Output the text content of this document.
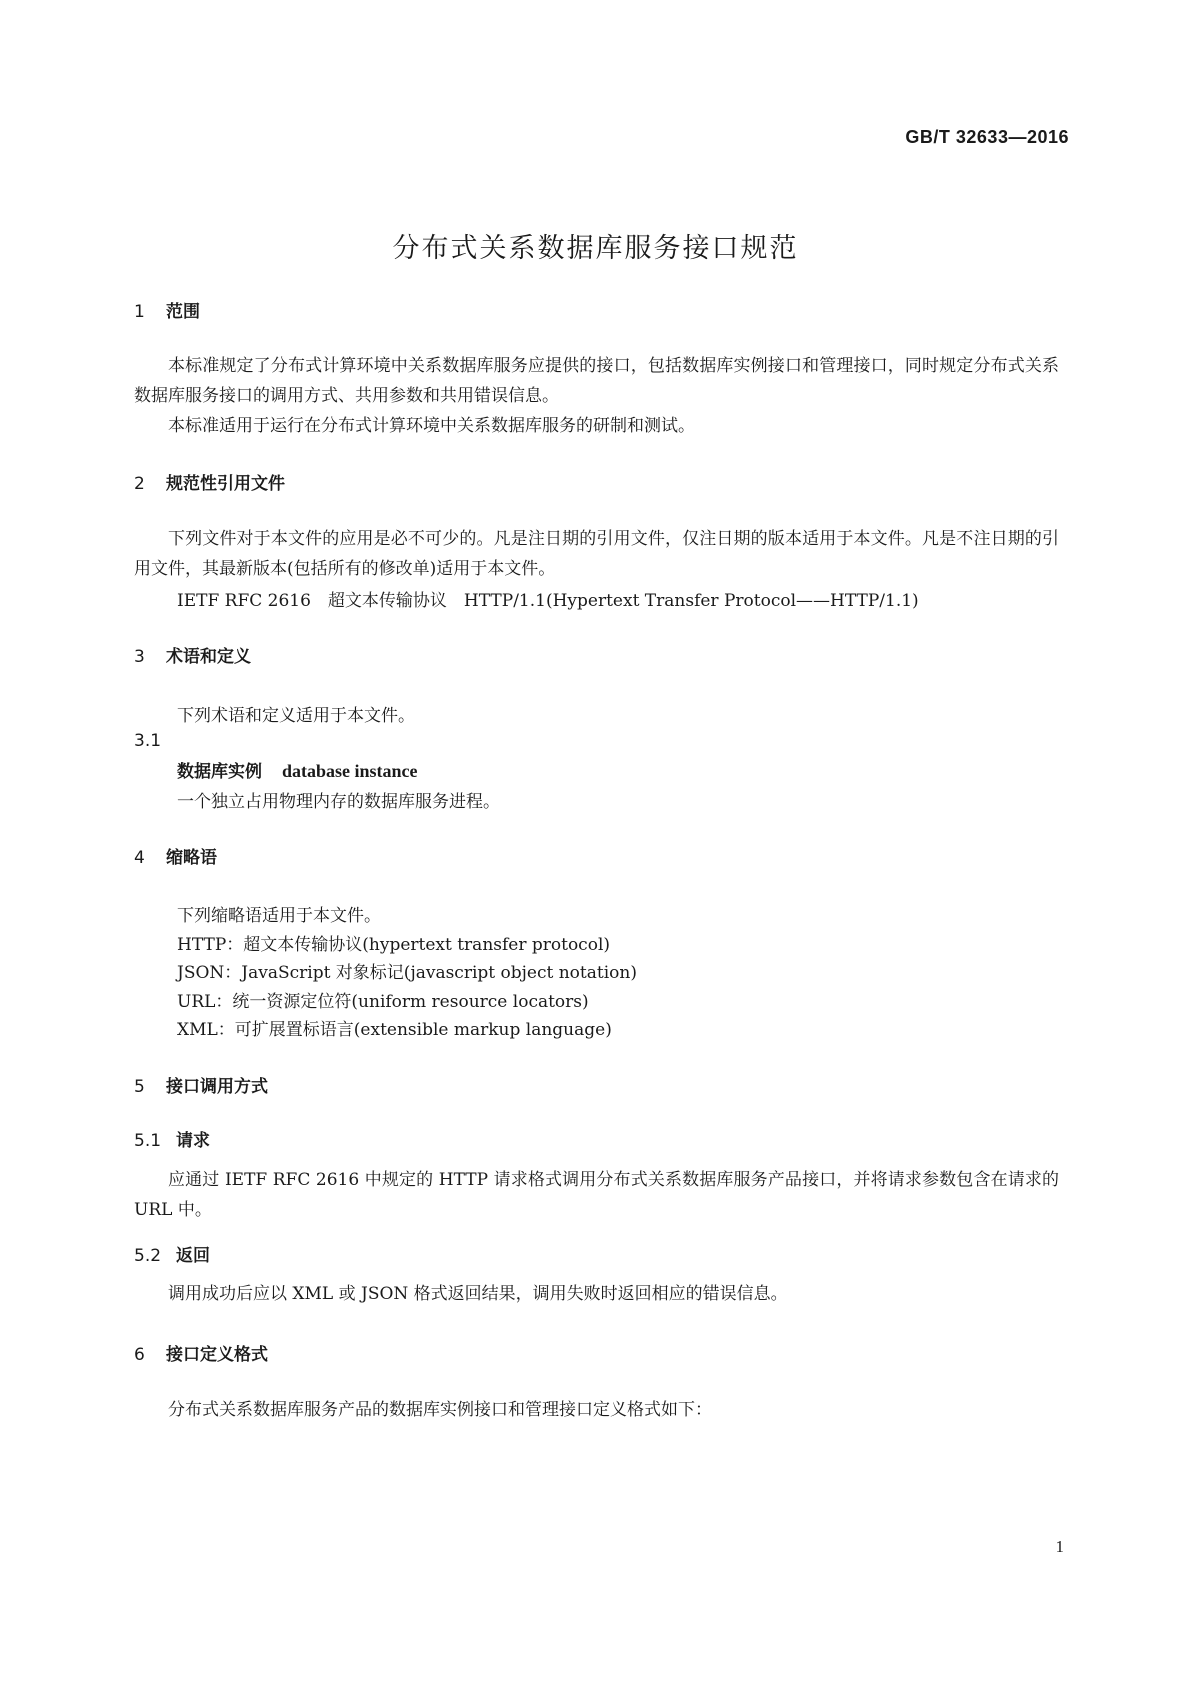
GB/T 32633—2016
分布式关系数据库服务接口规范
1 范围

本标准规定了分布式计算环境中关系数据库服务应提供的接口，包括数据库实例接口和管理接口，同时规定分布式关系数据库服务接口的调用方式、共用参数和共用错误信息。

本标准适用于运行在分布式计算环境中关系数据库服务的研制和测试。

2 规范性引用文件

下列文件对于本文件的应用是必不可少的。凡是注日期的引用文件，仅注日期的版本适用于本文件。凡是不注日期的引用文件，其最新版本(包括所有的修改单)适用于本文件。

IETF RFC 2616　超文本传输协议　HTTP/1.1(Hypertext Transfer Protocol——HTTP/1.1)
3 术语和定义
下列术语和定义适用于本文件。
3.1
数据库实例 database instance
一个独立占用物理内存的数据库服务进程。
4 缩略语
下列缩略语适用于本文件。
HTTP：超文本传输协议(hypertext transfer protocol)
JSON：JavaScript 对象标记(javascript object notation)
URL：统一资源定位符(uniform resource locators)
XML：可扩展置标语言(extensible markup language)
5 接口调用方式
5.1 请求

应通过 IETF RFC 2616 中规定的 HTTP 请求格式调用分布式关系数据库服务产品接口，并将请求参数包含在请求的 URL 中。

5.2 返回

调用成功后应以 XML 或 JSON 格式返回结果，调用失败时返回相应的错误信息。

6 接口定义格式

分布式关系数据库服务产品的数据库实例接口和管理接口定义格式如下：

1
